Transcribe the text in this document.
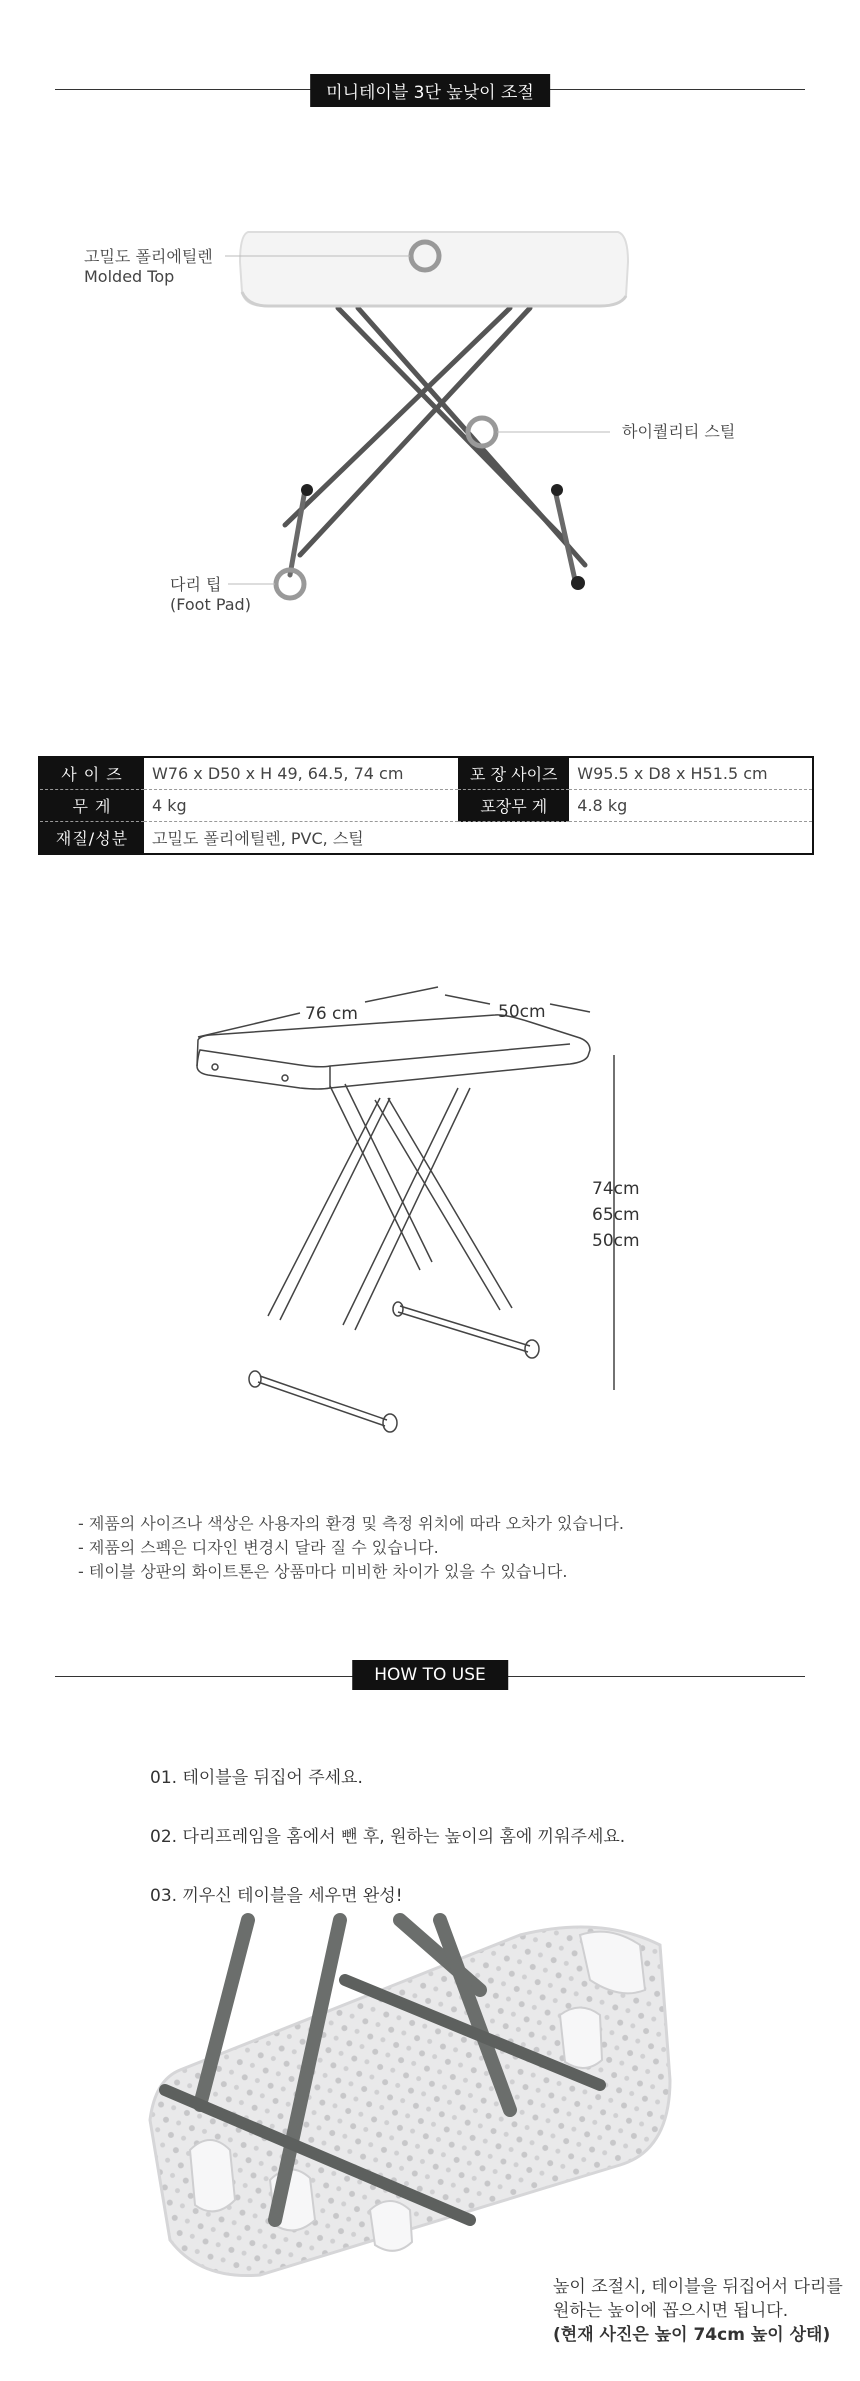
미니테이블 3단 높낮이 조절
고밀도 폴리에틸렌
Molded Top
하이퀄리티 스틸
다리 팁
(Foot Pad)
사 이 즈	W76 x D50 x H 49, 64.5, 74 cm	포 장 사이즈	W95.5 x D8 x H51.5 cm
무 게	4 kg	포장무 게	4.8 kg
재질/성분	고밀도 폴리에틸렌, PVC, 스틸		
76 cm	50cm
74cm
65cm
50cm
- 제품의 사이즈나 색상은 사용자의 환경 및 측정 위치에 따라 오차가 있습니다.
- 제품의 스펙은 디자인 변경시 달라 질 수 있습니다.
- 테이블 상판의 화이트톤은 상품마다 미비한 차이가 있을 수 있습니다.
HOW TO USE
01. 테이블을 뒤집어 주세요.
02. 다리프레임을 홈에서 뺀 후, 원하는 높이의 홈에 끼워주세요.
03. 끼우신 테이블을 세우면 완성!
높이 조절시, 테이블을 뒤집어서 다리를
원하는 높이에 꼽으시면 됩니다.
(현재 사진은 높이 74cm 높이 상태)
